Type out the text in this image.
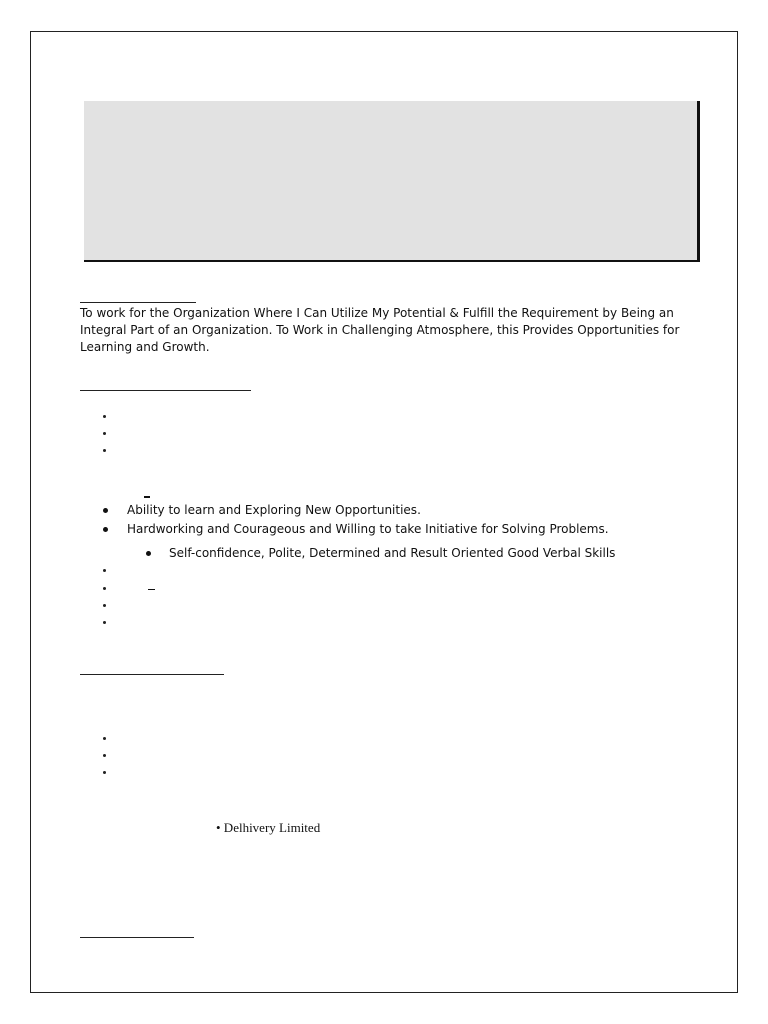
To work for the Organization Where I Can Utilize My Potential & Fulfill the Requirement by Being an Integral Part of an Organization. To Work in Challenging Atmosphere, this Provides Opportunities for Learning and Growth.
Ability to learn and Exploring New Opportunities.
Hardworking and Courageous and Willing to take Initiative for Solving Problems.
Self-confidence, Polite, Determined and Result Oriented Good Verbal Skills
• Delhivery Limited
